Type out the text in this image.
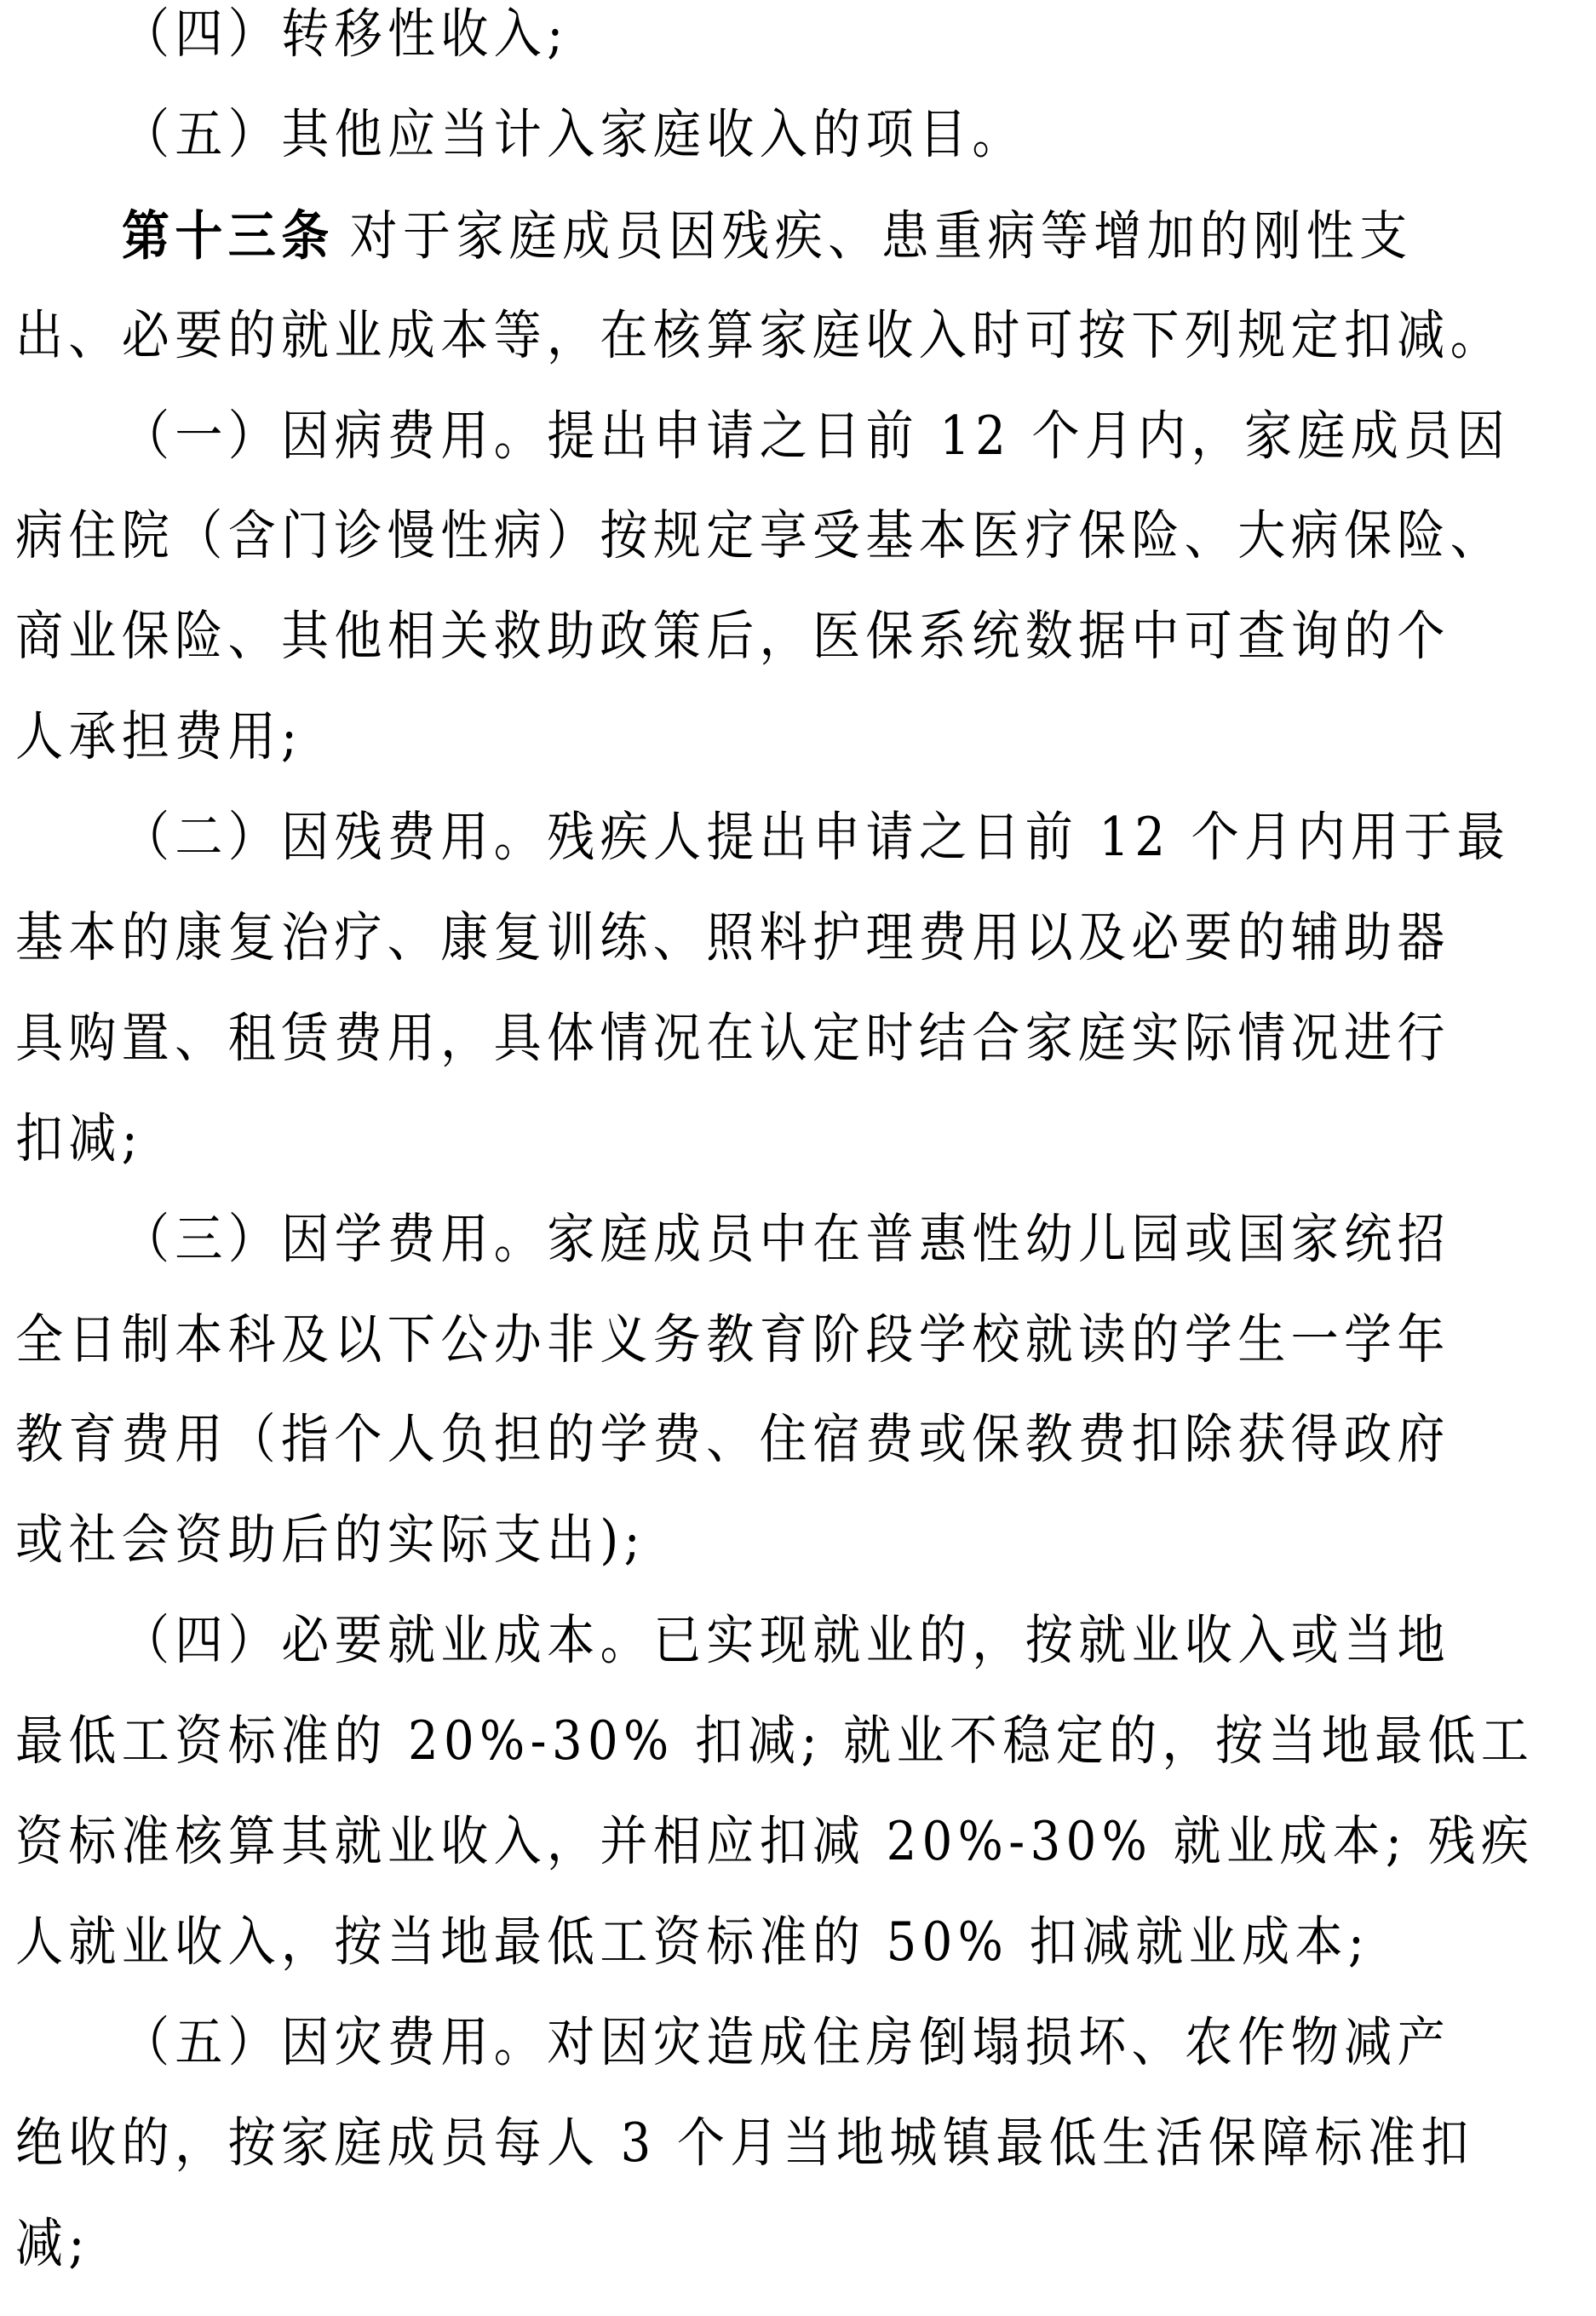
（四）转移性收入;
（五）其他应当计入家庭收入的项目。
第十三条 对于家庭成员因残疾、患重病等增加的刚性支
出、必要的就业成本等，在核算家庭收入时可按下列规定扣减。
（一）因病费用。提出申请之日前 12 个月内，家庭成员因
病住院（含门诊慢性病）按规定享受基本医疗保险、大病保险、
商业保险、其他相关救助政策后，医保系统数据中可查询的个
人承担费用;
（二）因残费用。残疾人提出申请之日前 12 个月内用于最
基本的康复治疗、康复训练、照料护理费用以及必要的辅助器
具购置、租赁费用，具体情况在认定时结合家庭实际情况进行
扣减;
（三）因学费用。家庭成员中在普惠性幼儿园或国家统招
全日制本科及以下公办非义务教育阶段学校就读的学生一学年
教育费用（指个人负担的学费、住宿费或保教费扣除获得政府
或社会资助后的实际支出);
（四）必要就业成本。已实现就业的，按就业收入或当地
最低工资标准的 20%-30% 扣减; 就业不稳定的，按当地最低工
资标准核算其就业收入，并相应扣减 20%-30% 就业成本; 残疾
人就业收入，按当地最低工资标准的 50% 扣减就业成本;
（五）因灾费用。对因灾造成住房倒塌损坏、农作物减产
绝收的，按家庭成员每人 3 个月当地城镇最低生活保障标准扣
减;
